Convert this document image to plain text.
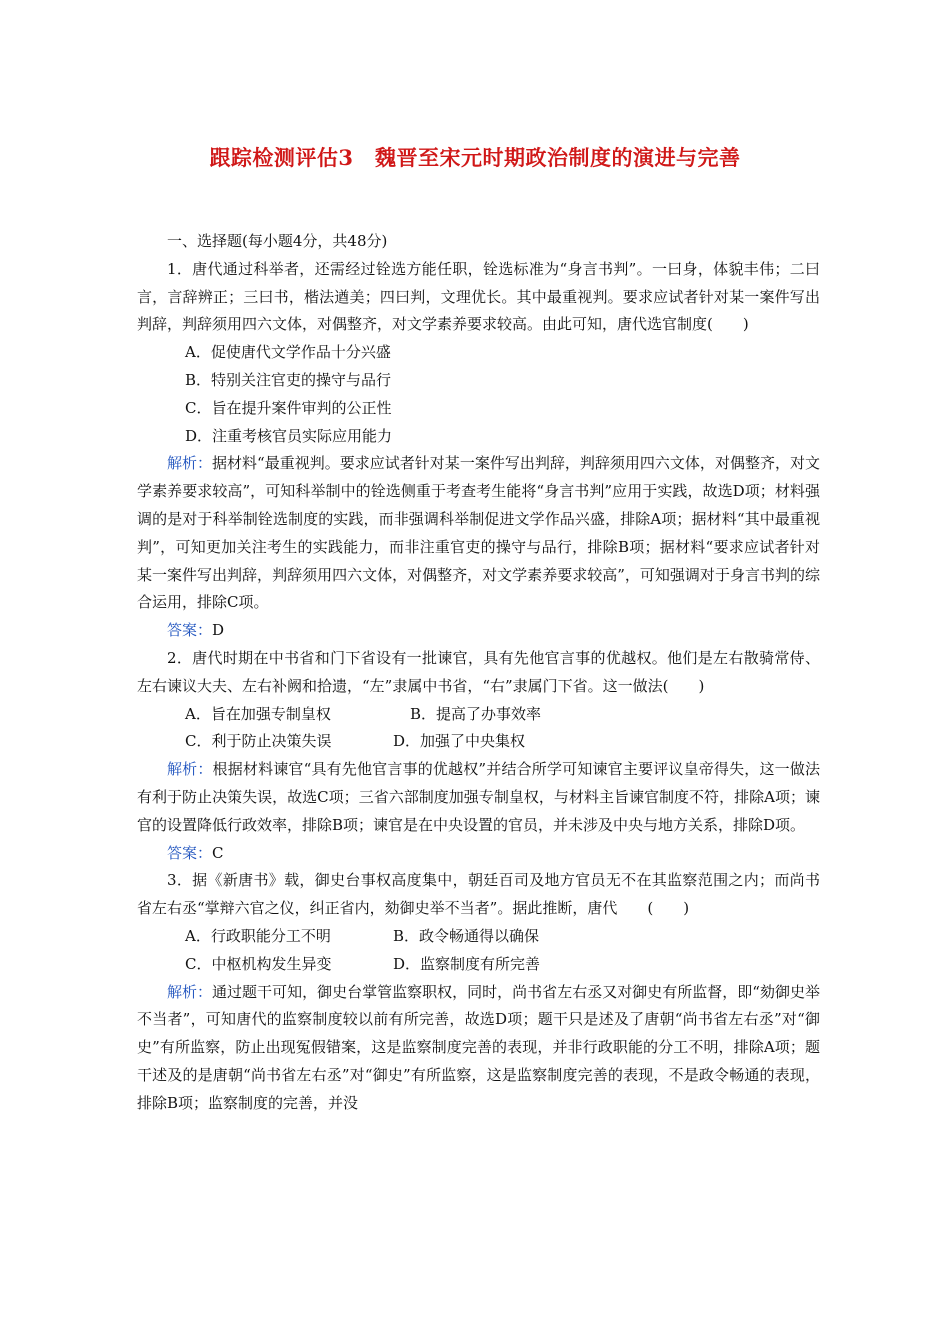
跟踪检测评估3　魏晋至宋元时期政治制度的演进与完善

一、选择题(每小题4分，共48分)

1．唐代通过科举者，还需经过铨选方能任职，铨选标准为“身言书判”。一曰身，体貌丰伟；二曰言，言辞辨正；三曰书，楷法遒美；四曰判，文理优长。其中最重视判。要求应试者针对某一案件写出判辞，判辞须用四六文体，对偶整齐，对文学素养要求较高。由此可知，唐代选官制度(　　)

A．促使唐代文学作品十分兴盛

B．特别关注官吏的操守与品行

C．旨在提升案件审判的公正性

D．注重考核官员实际应用能力

解析：据材料“最重视判。要求应试者针对某一案件写出判辞，判辞须用四六文体，对偶整齐，对文学素养要求较高”，可知科举制中的铨选侧重于考查考生能将“身言书判”应用于实践，故选D项；材料强调的是对于科举制铨选制度的实践，而非强调科举制促进文学作品兴盛，排除A项；据材料“其中最重视判”，可知更加关注考生的实践能力，而非注重官吏的操守与品行，排除B项；据材料“要求应试者针对某一案件写出判辞，判辞须用四六文体，对偶整齐，对文学素养要求较高”，可知强调对于身言书判的综合运用，排除C项。

答案：D

2．唐代时期在中书省和门下省设有一批谏官，具有先他官言事的优越权。他们是左右散骑常侍、左右谏议大夫、左右补阙和拾遗，“左”隶属中书省，“右”隶属门下省。这一做法(　　)

A．旨在加强专制皇权	B．提高了办事效率

C．利于防止决策失误	D．加强了中央集权

解析：根据材料谏官“具有先他官言事的优越权”并结合所学可知谏官主要评议皇帝得失，这一做法有利于防止决策失误，故选C项；三省六部制度加强专制皇权，与材料主旨谏官制度不符，排除A项；谏官的设置降低行政效率，排除B项；谏官是在中央设置的官员，并未涉及中央与地方关系，排除D项。

答案：C

3．据《新唐书》载，御史台事权高度集中，朝廷百司及地方官员无不在其监察范围之内；而尚书省左右丞“掌辩六官之仪，纠正省内，劾御史举不当者”。据此推断，唐代　　(　　)

A．行政职能分工不明	B．政令畅通得以确保

C．中枢机构发生异变	D．监察制度有所完善

解析：通过题干可知，御史台掌管监察职权，同时，尚书省左右丞又对御史有所监督，即“劾御史举不当者”，可知唐代的监察制度较以前有所完善，故选D项；题干只是述及了唐朝“尚书省左右丞”对“御史”有所监察，防止出现冤假错案，这是监察制度完善的表现，并非行政职能的分工不明，排除A项；题干述及的是唐朝“尚书省左右丞”对“御史”有所监察，这是监察制度完善的表现，不是政令畅通的表现，排除B项；监察制度的完善，并没
